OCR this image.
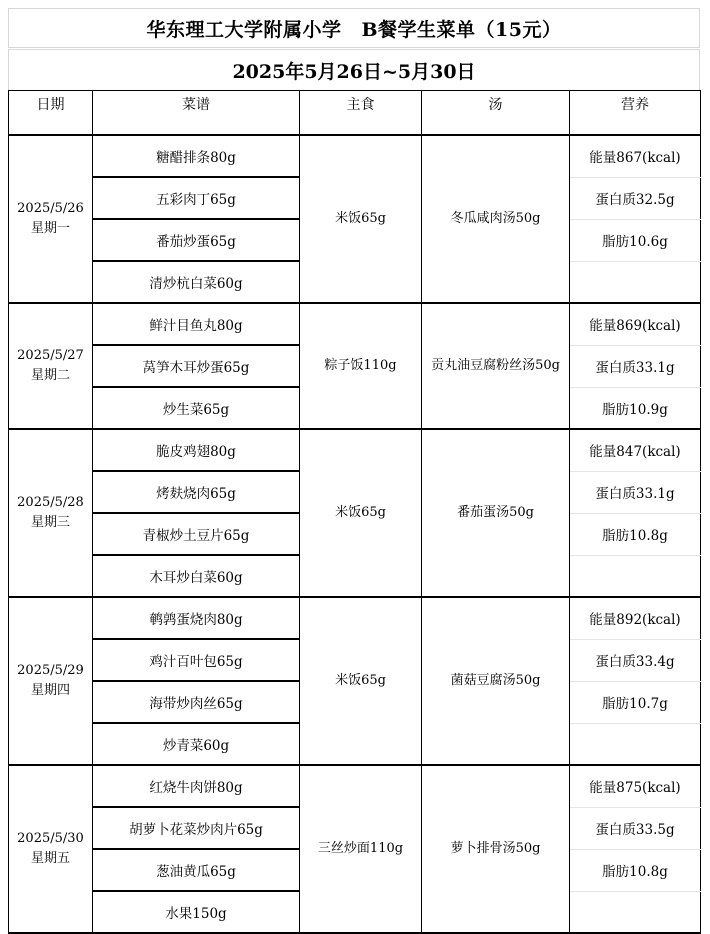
华东理工大学附属小学 B餐学生菜单（15元）
2025年5月26日~5月30日
日期	菜谱	主食	汤	营养

2025/5/26
星期一	糖醋排条80g	米饭65g	冬瓜咸肉汤50g	能量867(kcal)
	五彩肉丁65g			蛋白质32.5g
	番茄炒蛋65g			脂肪10.6g
	清炒杭白菜60g			

2025/5/27
星期二	鲜汁目鱼丸80g	粽子饭110g	贡丸油豆腐粉丝汤50g	能量869(kcal)
	莴笋木耳炒蛋65g			蛋白质33.1g
	炒生菜65g			脂肪10.9g

2025/5/28
星期三	脆皮鸡翅80g	米饭65g	番茄蛋汤50g	能量847(kcal)
	烤麸烧肉65g			蛋白质33.1g
	青椒炒土豆片65g			脂肪10.8g
	木耳炒白菜60g			

2025/5/29
星期四	鹌鹑蛋烧肉80g	米饭65g	菌菇豆腐汤50g	能量892(kcal)
	鸡汁百叶包65g			蛋白质33.4g
	海带炒肉丝65g			脂肪10.7g
	炒青菜60g			

2025/5/30
星期五	红烧牛肉饼80g	三丝炒面110g	萝卜排骨汤50g	能量875(kcal)
	胡萝卜花菜炒肉片65g			蛋白质33.5g
	葱油黄瓜65g			脂肪10.8g
	水果150g			
